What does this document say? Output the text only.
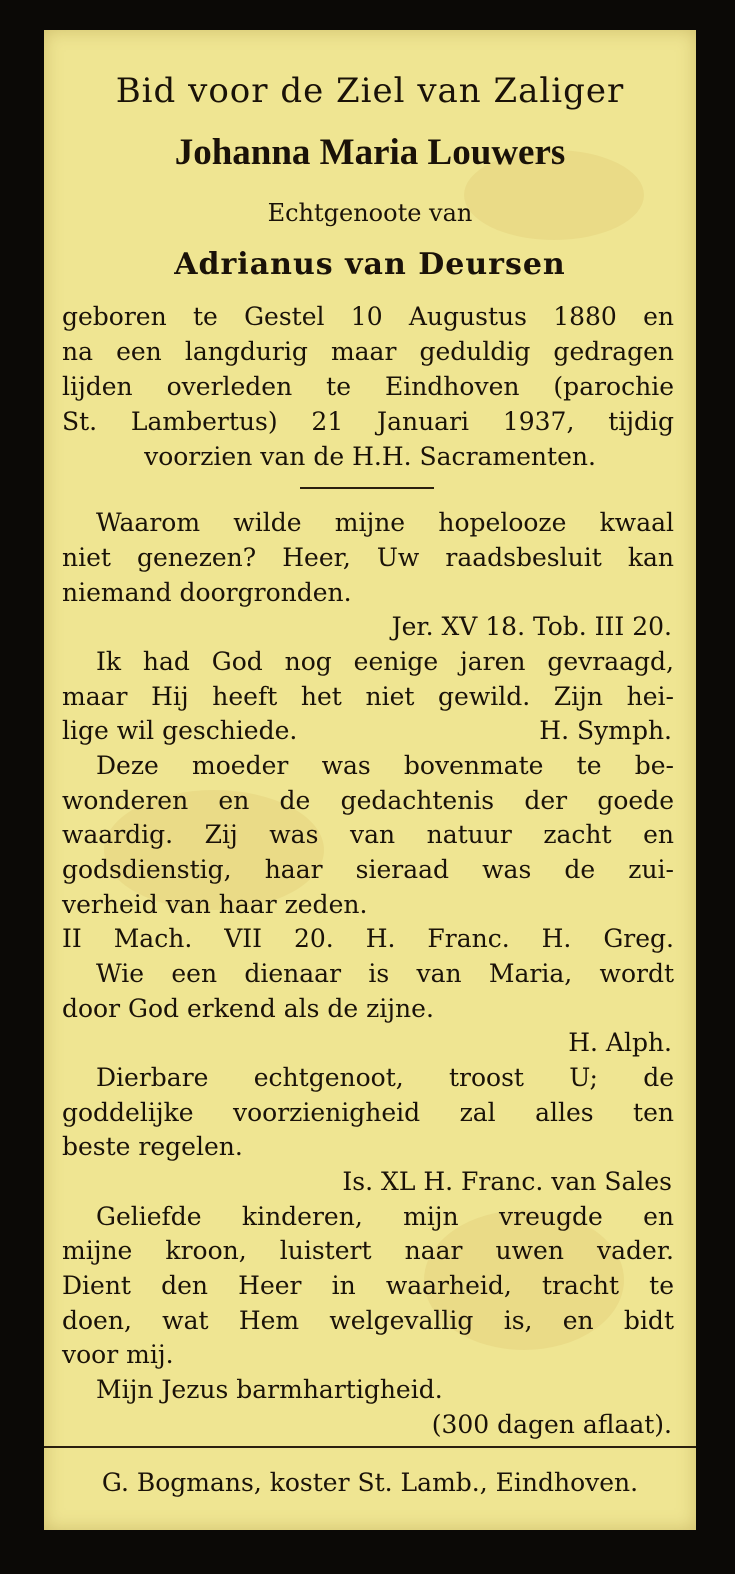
Bid voor de Ziel van Zaliger
Johanna Maria Louwers
Echtgenoote van
Adrianus van Deursen
geboren te Gestel 10 Augustus 1880 en
na een langdurig maar geduldig gedragen
lijden overleden te Eindhoven (parochie
St. Lambertus) 21 Januari 1937, tijdig
voorzien van de H.H. Sacramenten.
Waarom wilde mijne hopelooze kwaal
niet genezen? Heer, Uw raadsbesluit kan
niemand doorgronden.
Jer. XV 18. Tob. III 20.
Ik had God nog eenige jaren gevraagd,
maar Hij heeft het niet gewild. Zijn hei-
lige wil geschiede.	H. Symph.
Deze moeder was bovenmate te be-
wonderen en de gedachtenis der goede
waardig. Zij was van natuur zacht en
godsdienstig, haar sieraad was de zui-
verheid van haar zeden.
II Mach. VII 20. H. Franc. H. Greg.
Wie een dienaar is van Maria, wordt
door God erkend als de zijne.
H. Alph.
Dierbare echtgenoot, troost U; de
goddelijke voorzienigheid zal alles ten
beste regelen.
Is. XL H. Franc. van Sales
Geliefde kinderen, mijn vreugde en
mijne kroon, luistert naar uwen vader.
Dient den Heer in waarheid, tracht te
doen, wat Hem welgevallig is, en bidt
voor mij.
Mijn Jezus barmhartigheid.
(300 dagen aflaat).
G. Bogmans, koster St. Lamb., Eindhoven.
